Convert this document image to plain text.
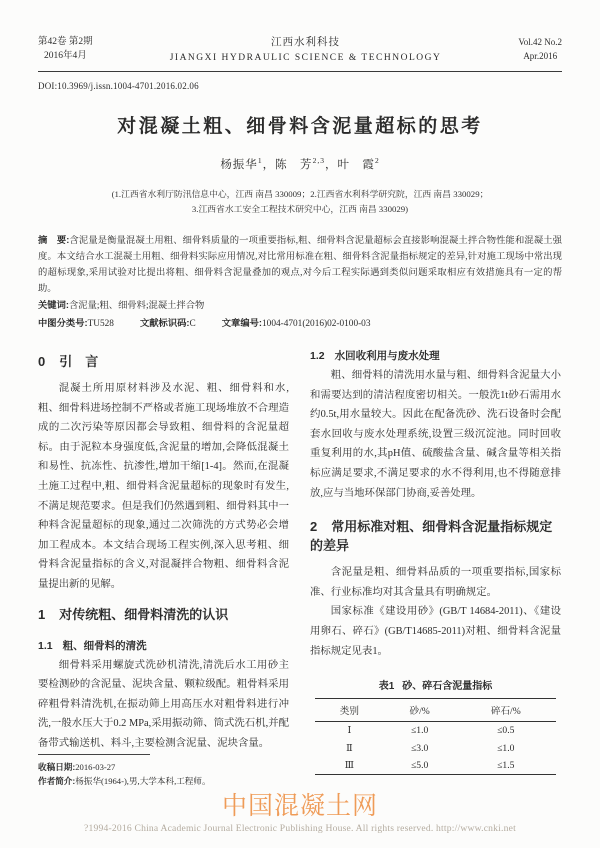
第42卷 第2期
2016年4月
江西水利科技
JIANGXI HYDRAULIC SCIENCE & TECHNOLOGY
Vol.42 No.2
Apr.2016
DOI:10.3969/j.issn.1004-4701.2016.02.06
对混凝土粗、细骨料含泥量超标的思考
杨振华$^1$，陈　芳$^{2,3}$，叶　霞$^2$
(1.江西省水利厅防汛信息中心，江西 南昌 330009；2.江西省水利科学研究院，江西 南昌 330029；
3.江西省水工安全工程技术研究中心，江西 南昌 330029)
摘　要:含泥量是衡量混凝土用粗、细骨料质量的一项重要指标,粗、细骨料含泥量超标会直接影响混凝土拌合物性能和混凝土强度。本文结合水工混凝土用粗、细骨料实际应用情况,对比常用标准在粗、细骨料含泥量指标规定的差异,针对施工现场中常出现的超标现象,采用试验对比提出将粗、细骨料含泥量叠加的观点,对今后工程实际遇到类似问题采取相应有效措施具有一定的帮助。
关键词:含泥量;粗、细骨料;混凝土拌合物
中图分类号:TU528	文献标识码:C	文章编号:1004-4701(2016)02-0100-03
0 引　言

混凝土所用原材料涉及水泥、粗、细骨料和水,粗、细骨料进场控制不严格或者施工现场堆放不合理造成的二次污染等原因都会导致粗、细骨料的含泥量超标。由于泥粒本身强度低,含泥量的增加,会降低混凝土和易性、抗冻性、抗渗性,增加干缩[1-4]。然而,在混凝土施工过程中,粗、细骨料含泥量超标的现象时有发生,不满足规范要求。但是我们仍然遇到粗、细骨料其中一种料含泥量超标的现象,通过二次筛洗的方式势必会增加工程成本。本文结合现场工程实例,深入思考粗、细骨料含泥量指标的含义,对混凝拌合物粗、细骨料含泥量提出新的见解。

1 对传统粗、细骨料清洗的认识
1.1 粗、细骨料的清洗

细骨料采用螺旋式洗砂机清洗,清洗后水工用砂主要检测砂的含泥量、泥块含量、颗粒级配。粗骨料采用碎粗骨料清洗机,在振动筛上用高压水对粗骨料进行冲洗,一般水压大于0.2 MPa,采用振动筛、筒式洗石机,并配备带式输送机、料斗,主要检测含泥量、泥块含量。

收稿日期:2016-03-27
作者简介:杨振华(1964-),男,大学本科,工程师。
1.2 水回收利用与废水处理

粗、细骨料的清洗用水量与粗、细骨料含泥量大小和需要达到的清洁程度密切相关。一般洗1t砂石需用水约0.5t,用水量较大。因此在配备洗砂、洗石设备时会配套水回收与废水处理系统,设置三级沉淀池。同时回收重复利用的水,其pH值、硫酸盐含量、碱含量等相关指标应满足要求,不满足要求的水不得利用,也不得随意排放,应与当地环保部门协商,妥善处理。

2 常用标准对粗、细骨料含泥量指标规定的差异

含泥量是粗、细骨料品质的一项重要指标,国家标准、行业标准均对其含量具有明确规定。

国家标准《建设用砂》(GB/T 14684-2011)、《建设用卵石、碎石》(GB/T14685-2011)对粗、细骨料含泥量指标规定见表1。

表1 砂、碎石含泥量指标
类别	砂/%	碎石/%
Ⅰ	≤1.0	≤0.5
Ⅱ	≤3.0	≤1.0
Ⅲ	≤5.0	≤1.5
中国混凝土网
?1994-2016 China Academic Journal Electronic Publishing House. All rights reserved. http://www.cnki.net
